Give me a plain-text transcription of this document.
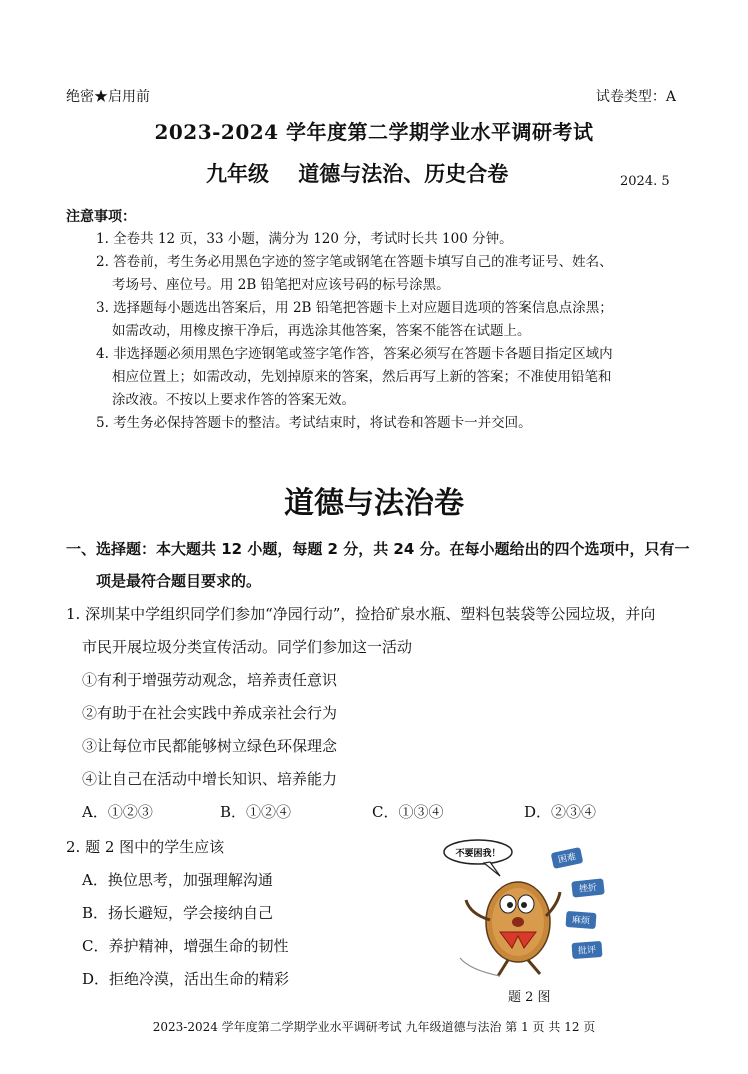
绝密★启用前	试卷类型：A
2023-2024 学年度第二学期学业水平调研考试
九年级    道德与法治、历史合卷	2024. 5
注意事项：
1. 全卷共 12 页，33 小题，满分为 120 分，考试时长共 100 分钟。
2. 答卷前，考生务必用黑色字迹的签字笔或钢笔在答题卡填写自己的准考证号、姓名、
考场号、座位号。用 2B 铅笔把对应该号码的标号涂黑。
3. 选择题每小题选出答案后，用 2B 铅笔把答题卡上对应题目选项的答案信息点涂黑；
如需改动，用橡皮擦干净后，再选涂其他答案，答案不能答在试题上。
4. 非选择题必须用黑色字迹钢笔或签字笔作答，答案必须写在答题卡各题目指定区域内
相应位置上；如需改动，先划掉原来的答案，然后再写上新的答案；不准使用铅笔和
涂改液。不按以上要求作答的答案无效。
5. 考生务必保持答题卡的整洁。考试结束时，将试卷和答题卡一并交回。
道德与法治卷
一、选择题：本大题共 12 小题，每题 2 分，共 24 分。在每小题给出的四个选项中，只有一
项是最符合题目要求的。
1. 深圳某中学组织同学们参加“净园行动”，捡拾矿泉水瓶、塑料包装袋等公园垃圾，并向
市民开展垃圾分类宣传活动。同学们参加这一活动
①有利于增强劳动观念，培养责任意识
②有助于在社会实践中养成亲社会行为
③让每位市民都能够树立绿色环保理念
④让自己在活动中增长知识、培养能力
A．①②③	B．①②④	C．①③④	D．②③④
2. 题 2 图中的学生应该
A．换位思考，加强理解沟通
B．扬长避短，学会接纳自己
C．养护精神，增强生命的韧性
D．拒绝冷漠，活出生命的精彩
不要困我！	困难
挫折
麻烦
批评
题 2 图
2023-2024 学年度第二学期学业水平调研考试 九年级道德与法治 第 1 页 共 12 页
